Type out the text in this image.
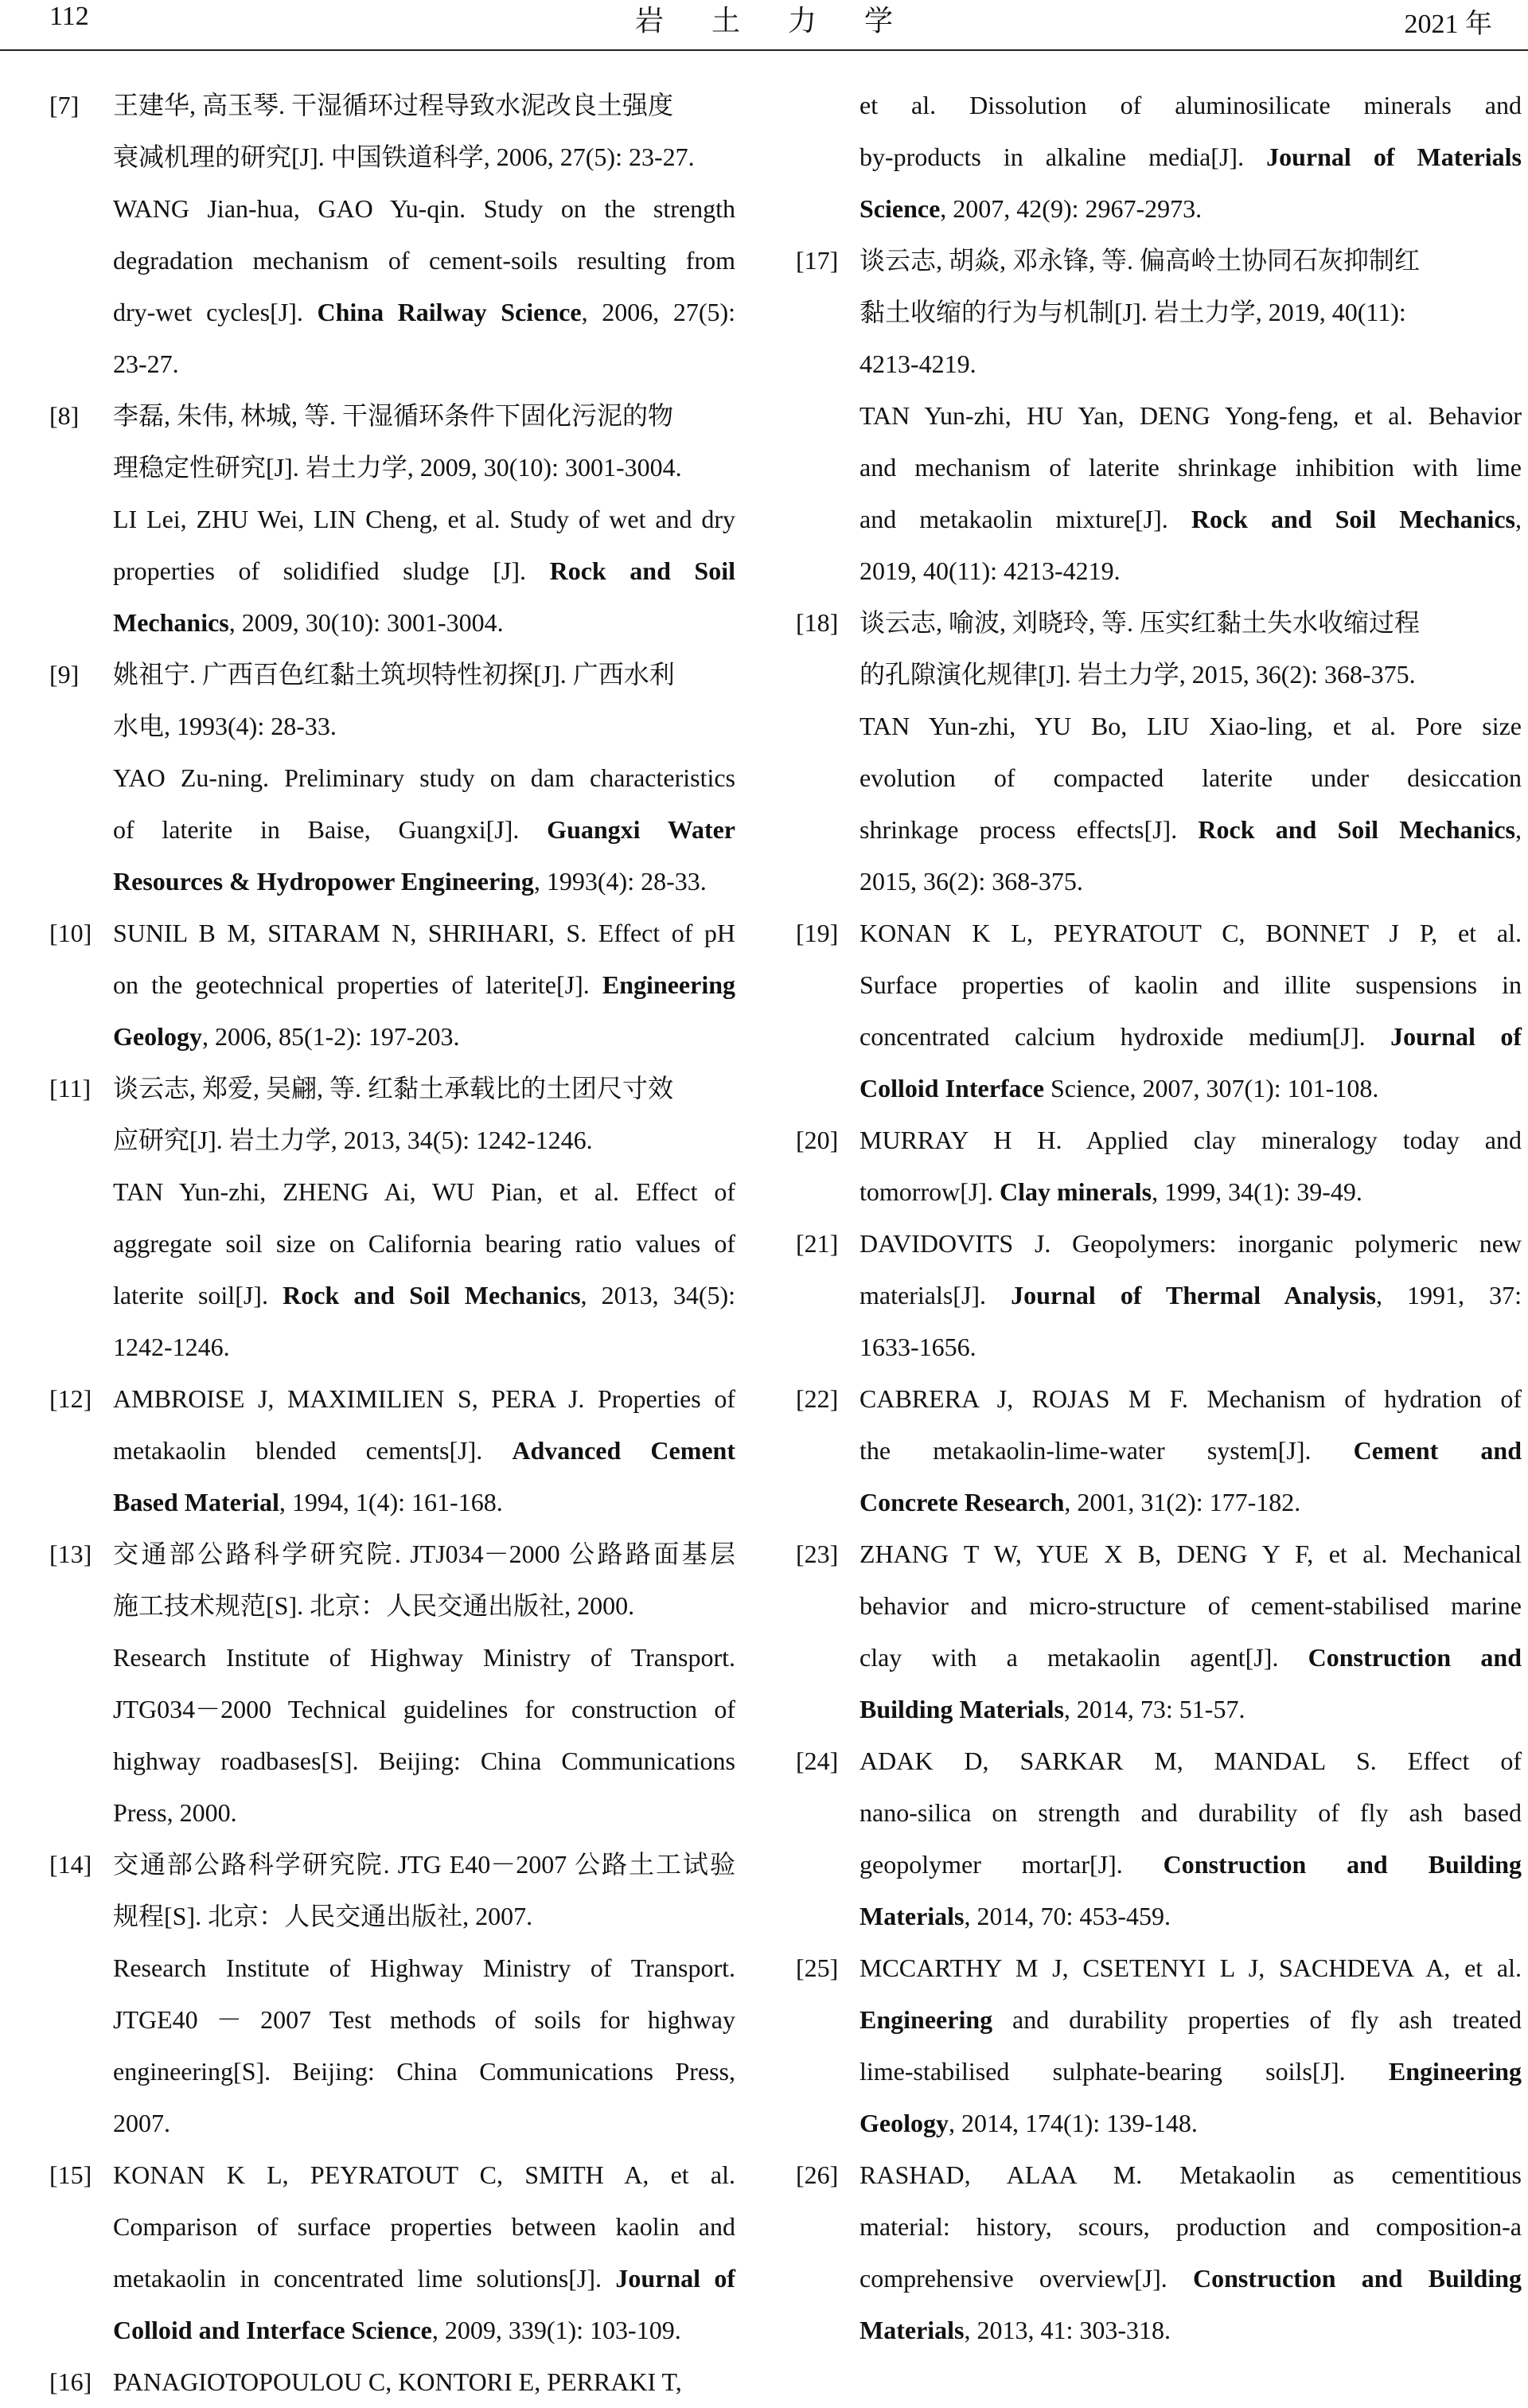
112	岩土力学	2021 年
[7]	王建华, 高玉琴. 干湿循环过程导致水泥改良土强度
衰减机理的研究[J]. 中国铁道科学, 2006, 27(5): 23-27.
WANG Jian-hua, GAO Yu-qin. Study on the strength
degradation mechanism of cement-soils resulting from
dry-wet cycles[J]. China Railway Science, 2006, 27(5):
23-27.
[8]	李磊, 朱伟, 林城, 等. 干湿循环条件下固化污泥的物
理稳定性研究[J]. 岩土力学, 2009, 30(10): 3001-3004.
LI Lei, ZHU Wei, LIN Cheng, et al. Study of wet and dry
properties of solidified sludge [J]. Rock and Soil
Mechanics, 2009, 30(10): 3001-3004.
[9]	姚祖宁. 广西百色红黏土筑坝特性初探[J]. 广西水利
水电, 1993(4): 28-33.
YAO Zu-ning. Preliminary study on dam characteristics
of laterite in Baise, Guangxi[J]. Guangxi Water
Resources & Hydropower Engineering, 1993(4): 28-33.
[10] SUNIL B M, SITARAM N, SHRIHARI, S. Effect of pH
on the geotechnical properties of laterite[J]. Engineering
Geology, 2006, 85(1-2): 197-203.
[11] 谈云志, 郑爱, 吴翩, 等. 红黏土承载比的土团尺寸效
应研究[J]. 岩土力学, 2013, 34(5): 1242-1246.
TAN Yun-zhi, ZHENG Ai, WU Pian, et al. Effect of
aggregate soil size on California bearing ratio values of
laterite soil[J]. Rock and Soil Mechanics, 2013, 34(5):
1242-1246.
[12] AMBROISE J, MAXIMILIEN S, PERA J. Properties of
metakaolin blended cements[J]. Advanced Cement
Based Material, 1994, 1(4): 161-168.
[13] 交通部公路科学研究院. JTJ034－2000 公路路面基层
施工技术规范[S]. 北京：人民交通出版社, 2000.
Research Institute of Highway Ministry of Transport.
JTG034－2000 Technical guidelines for construction of
highway roadbases[S]. Beijing: China Communications
Press, 2000.
[14] 交通部公路科学研究院. JTG E40－2007 公路土工试验
规程[S]. 北京：人民交通出版社, 2007.
Research Institute of Highway Ministry of Transport.
JTGE40 － 2007 Test methods of soils for highway
engineering[S]. Beijing: China Communications Press,
2007.
[15] KONAN K L, PEYRATOUT C, SMITH A, et al.
Comparison of surface properties between kaolin and
metakaolin in concentrated lime solutions[J]. Journal of
Colloid and Interface Science, 2009, 339(1): 103-109.
[16] PANAGIOTOPOULOU C, KONTORI E, PERRAKI T,
et al. Dissolution of aluminosilicate minerals and
by-products in alkaline media[J]. Journal of Materials
Science, 2007, 42(9): 2967-2973.
[17] 谈云志, 胡焱, 邓永锋, 等. 偏高岭土协同石灰抑制红
黏土收缩的行为与机制[J]. 岩土力学, 2019, 40(11):
4213-4219.
TAN Yun-zhi, HU Yan, DENG Yong-feng, et al. Behavior
and mechanism of laterite shrinkage inhibition with lime
and metakaolin mixture[J]. Rock and Soil Mechanics,
2019, 40(11): 4213-4219.
[18] 谈云志, 喻波, 刘晓玲, 等. 压实红黏土失水收缩过程
的孔隙演化规律[J]. 岩土力学, 2015, 36(2): 368-375.
TAN Yun-zhi, YU Bo, LIU Xiao-ling, et al. Pore size
evolution of compacted laterite under desiccation
shrinkage process effects[J]. Rock and Soil Mechanics,
2015, 36(2): 368-375.
[19] KONAN K L, PEYRATOUT C, BONNET J P, et al.
Surface properties of kaolin and illite suspensions in
concentrated calcium hydroxide medium[J]. Journal of
Colloid Interface Science, 2007, 307(1): 101-108.
[20] MURRAY H H. Applied clay mineralogy today and
tomorrow[J]. Clay minerals, 1999, 34(1): 39-49.
[21] DAVIDOVITS J. Geopolymers: inorganic polymeric new
materials[J]. Journal of Thermal Analysis, 1991, 37:
1633-1656.
[22] CABRERA J, ROJAS M F. Mechanism of hydration of
the metakaolin-lime-water system[J]. Cement and
Concrete Research, 2001, 31(2): 177-182.
[23] ZHANG T W, YUE X B, DENG Y F, et al. Mechanical
behavior and micro-structure of cement-stabilised marine
clay with a metakaolin agent[J]. Construction and
Building Materials, 2014, 73: 51-57.
[24] ADAK D, SARKAR M, MANDAL S. Effect of
nano-silica on strength and durability of fly ash based
geopolymer mortar[J]. Construction and Building
Materials, 2014, 70: 453-459.
[25] MCCARTHY M J, CSETENYI L J, SACHDEVA A, et al.
Engineering and durability properties of fly ash treated
lime-stabilised sulphate-bearing soils[J]. Engineering
Geology, 2014, 174(1): 139-148.
[26] RASHAD, ALAA M. Metakaolin as cementitious
material: history, scours, production and composition-a
comprehensive overview[J]. Construction and Building
Materials, 2013, 41: 303-318.
